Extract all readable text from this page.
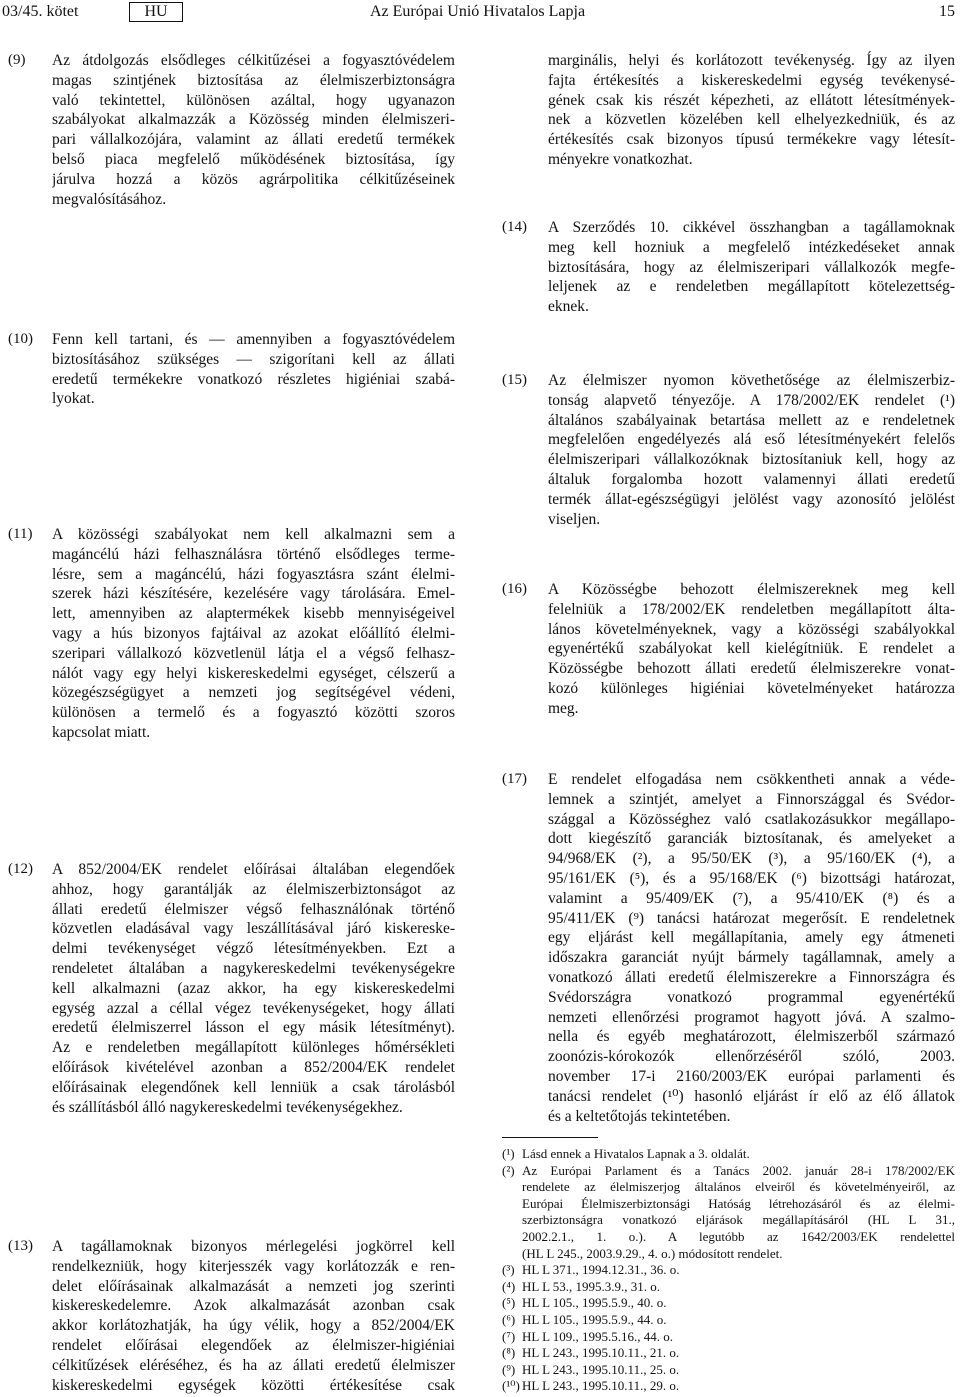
03/45. kötet	HU	Az Európai Unió Hivatalos Lapja	15
(9) Az átdolgozás elsődleges célkitűzései a fogyasztóvédelem
magas szintjének biztosítása az élelmiszerbiztonságra
való tekintettel, különösen azáltal, hogy ugyanazon
szabályokat alkalmazzák a Közösség minden élelmiszeri-
pari vállalkozójára, valamint az állati eredetű termékek
belső piaca megfelelő működésének biztosítása, így
járulva hozzá a közös agrárpolitika célkitűzéseinek
megvalósításához.
(10) Fenn kell tartani, és — amennyiben a fogyasztóvédelem
biztosításához szükséges — szigorítani kell az állati
eredetű termékekre vonatkozó részletes higiéniai szabá-
lyokat.
(11) A közösségi szabályokat nem kell alkalmazni sem a
magáncélú házi felhasználásra történő elsődleges terme-
lésre, sem a magáncélú, házi fogyasztásra szánt élelmi-
szerek házi készítésére, kezelésére vagy tárolására. Emel-
lett, amennyiben az alaptermékek kisebb mennyiségeivel
vagy a hús bizonyos fajtáival az azokat előállító élelmi-
szeripari vállalkozó közvetlenül látja el a végső felhasz-
nálót vagy egy helyi kiskereskedelmi egységet, célszerű a
közegészségügyet a nemzeti jog segítségével védeni,
különösen a termelő és a fogyasztó közötti szoros
kapcsolat miatt.
(12) A 852/2004/EK rendelet előírásai általában elegendőek
ahhoz, hogy garantálják az élelmiszerbiztonságot az
állati eredetű élelmiszer végső felhasználónak történő
közvetlen eladásával vagy leszállításával járó kiskereske-
delmi tevékenységet végző létesítményekben. Ezt a
rendeletet általában a nagykereskedelmi tevékenységekre
kell alkalmazni (azaz akkor, ha egy kiskereskedelmi
egység azzal a céllal végez tevékenységeket, hogy állati
eredetű élelmiszerrel lásson el egy másik létesítményt).
Az e rendeletben megállapított különleges hőmérsékleti
előírások kivételével azonban a 852/2004/EK rendelet
előírásainak elegendőnek kell lenniük a csak tárolásból
és szállításból álló nagykereskedelmi tevékenységekhez.
(13) A tagállamoknak bizonyos mérlegelési jogkörrel kell
rendelkezniük, hogy kiterjesszék vagy korlátozzák e ren-
delet előírásainak alkalmazását a nemzeti jog szerinti
kiskereskedelemre. Azok alkalmazását azonban csak
akkor korlátozhatják, ha úgy vélik, hogy a 852/2004/EK
rendelet előírásai elegendőek az élelmiszer-higiéniai
célkitűzések eléréséhez, és ha az állati eredetű élelmiszer
kiskereskedelmi egységek közötti értékesítése csak
marginális, helyi és korlátozott tevékenység. Így az ilyen
fajta értékesítés a kiskereskedelmi egység tevékenysé-
gének csak kis részét képezheti, az ellátott létesítmények-
nek a közvetlen közelében kell elhelyezkedniük, és az
értékesítés csak bizonyos típusú termékekre vagy létesít-
ményekre vonatkozhat.
(14) A Szerződés 10. cikkével összhangban a tagállamoknak
meg kell hozniuk a megfelelő intézkedéseket annak
biztosítására, hogy az élelmiszeripari vállalkozók megfe-
leljenek az e rendeletben megállapított kötelezettség-
eknek.
(15) Az élelmiszer nyomon követhetősége az élelmiszerbiz-
tonság alapvető tényezője. A 178/2002/EK rendelet (¹)
általános szabályainak betartása mellett az e rendeletnek
megfelelően engedélyezés alá eső létesítményekért felelős
élelmiszeripari vállalkozóknak biztosítaniuk kell, hogy az
általuk forgalomba hozott valamennyi állati eredetű
termék állat-egészségügyi jelölést vagy azonosító jelölést
viseljen.
(16) A Közösségbe behozott élelmiszereknek meg kell
felelniük a 178/2002/EK rendeletben megállapított álta-
lános követelményeknek, vagy a közösségi szabályokkal
egyenértékű szabályokat kell kielégítniük. E rendelet a
Közösségbe behozott állati eredetű élelmiszerekre vonat-
kozó különleges higiéniai követelményeket határozza
meg.
(17) E rendelet elfogadása nem csökkentheti annak a véde-
lemnek a szintjét, amelyet a Finnországgal és Svédor-
szággal a Közösséghez való csatlakozásukkor megállapo-
dott kiegészítő garanciák biztosítanak, és amelyeket a
94/968/EK (²), a 95/50/EK (³), a 95/160/EK (⁴), a
95/161/EK (⁵), és a 95/168/EK (⁶) bizottsági határozat,
valamint a 95/409/EK (⁷), a 95/410/EK (⁸) és a
95/411/EK (⁹) tanácsi határozat megerősít. E rendeletnek
egy eljárást kell megállapítania, amely egy átmeneti
időszakra garanciát nyújt bármely tagállamnak, amely a
vonatkozó állati eredetű élelmiszerekre a Finnországra és
Svédországra vonatkozó programmal egyenértékű
nemzeti ellenőrzési programot hagyott jóvá. A szalmo-
nella és egyéb meghatározott, élelmiszerből származó
zoonózis-kórokozók ellenőrzéséről szóló, 2003.
november 17-i 2160/2003/EK európai parlamenti és
tanácsi rendelet (¹⁰) hasonló eljárást ír elő az élő állatok
és a keltetőtojás tekintetében.
(¹) Lásd ennek a Hivatalos Lapnak a 3. oldalát.
(²) Az Európai Parlament és a Tanács 2002. január 28-i 178/2002/EK
rendelete az élelmiszerjog általános elveiről és követelményeiről, az
Európai Élelmiszerbiztonsági Hatóság létrehozásáról és az élelmi-
szerbiztonságra vonatkozó eljárások megállapításáról (HL L 31.,
2002.2.1., 1. o.). A legutóbb az 1642/2003/EK rendelettel
(HL L 245., 2003.9.29., 4. o.) módosított rendelet.
(³) HL L 371., 1994.12.31., 36. o.
(⁴) HL L 53., 1995.3.9., 31. o.
(⁵) HL L 105., 1995.5.9., 40. o.
(⁶) HL L 105., 1995.5.9., 44. o.
(⁷) HL L 109., 1995.5.16., 44. o.
(⁸) HL L 243., 1995.10.11., 21. o.
(⁹) HL L 243., 1995.10.11., 25. o.
(¹⁰) HL L 243., 1995.10.11., 29. o.
